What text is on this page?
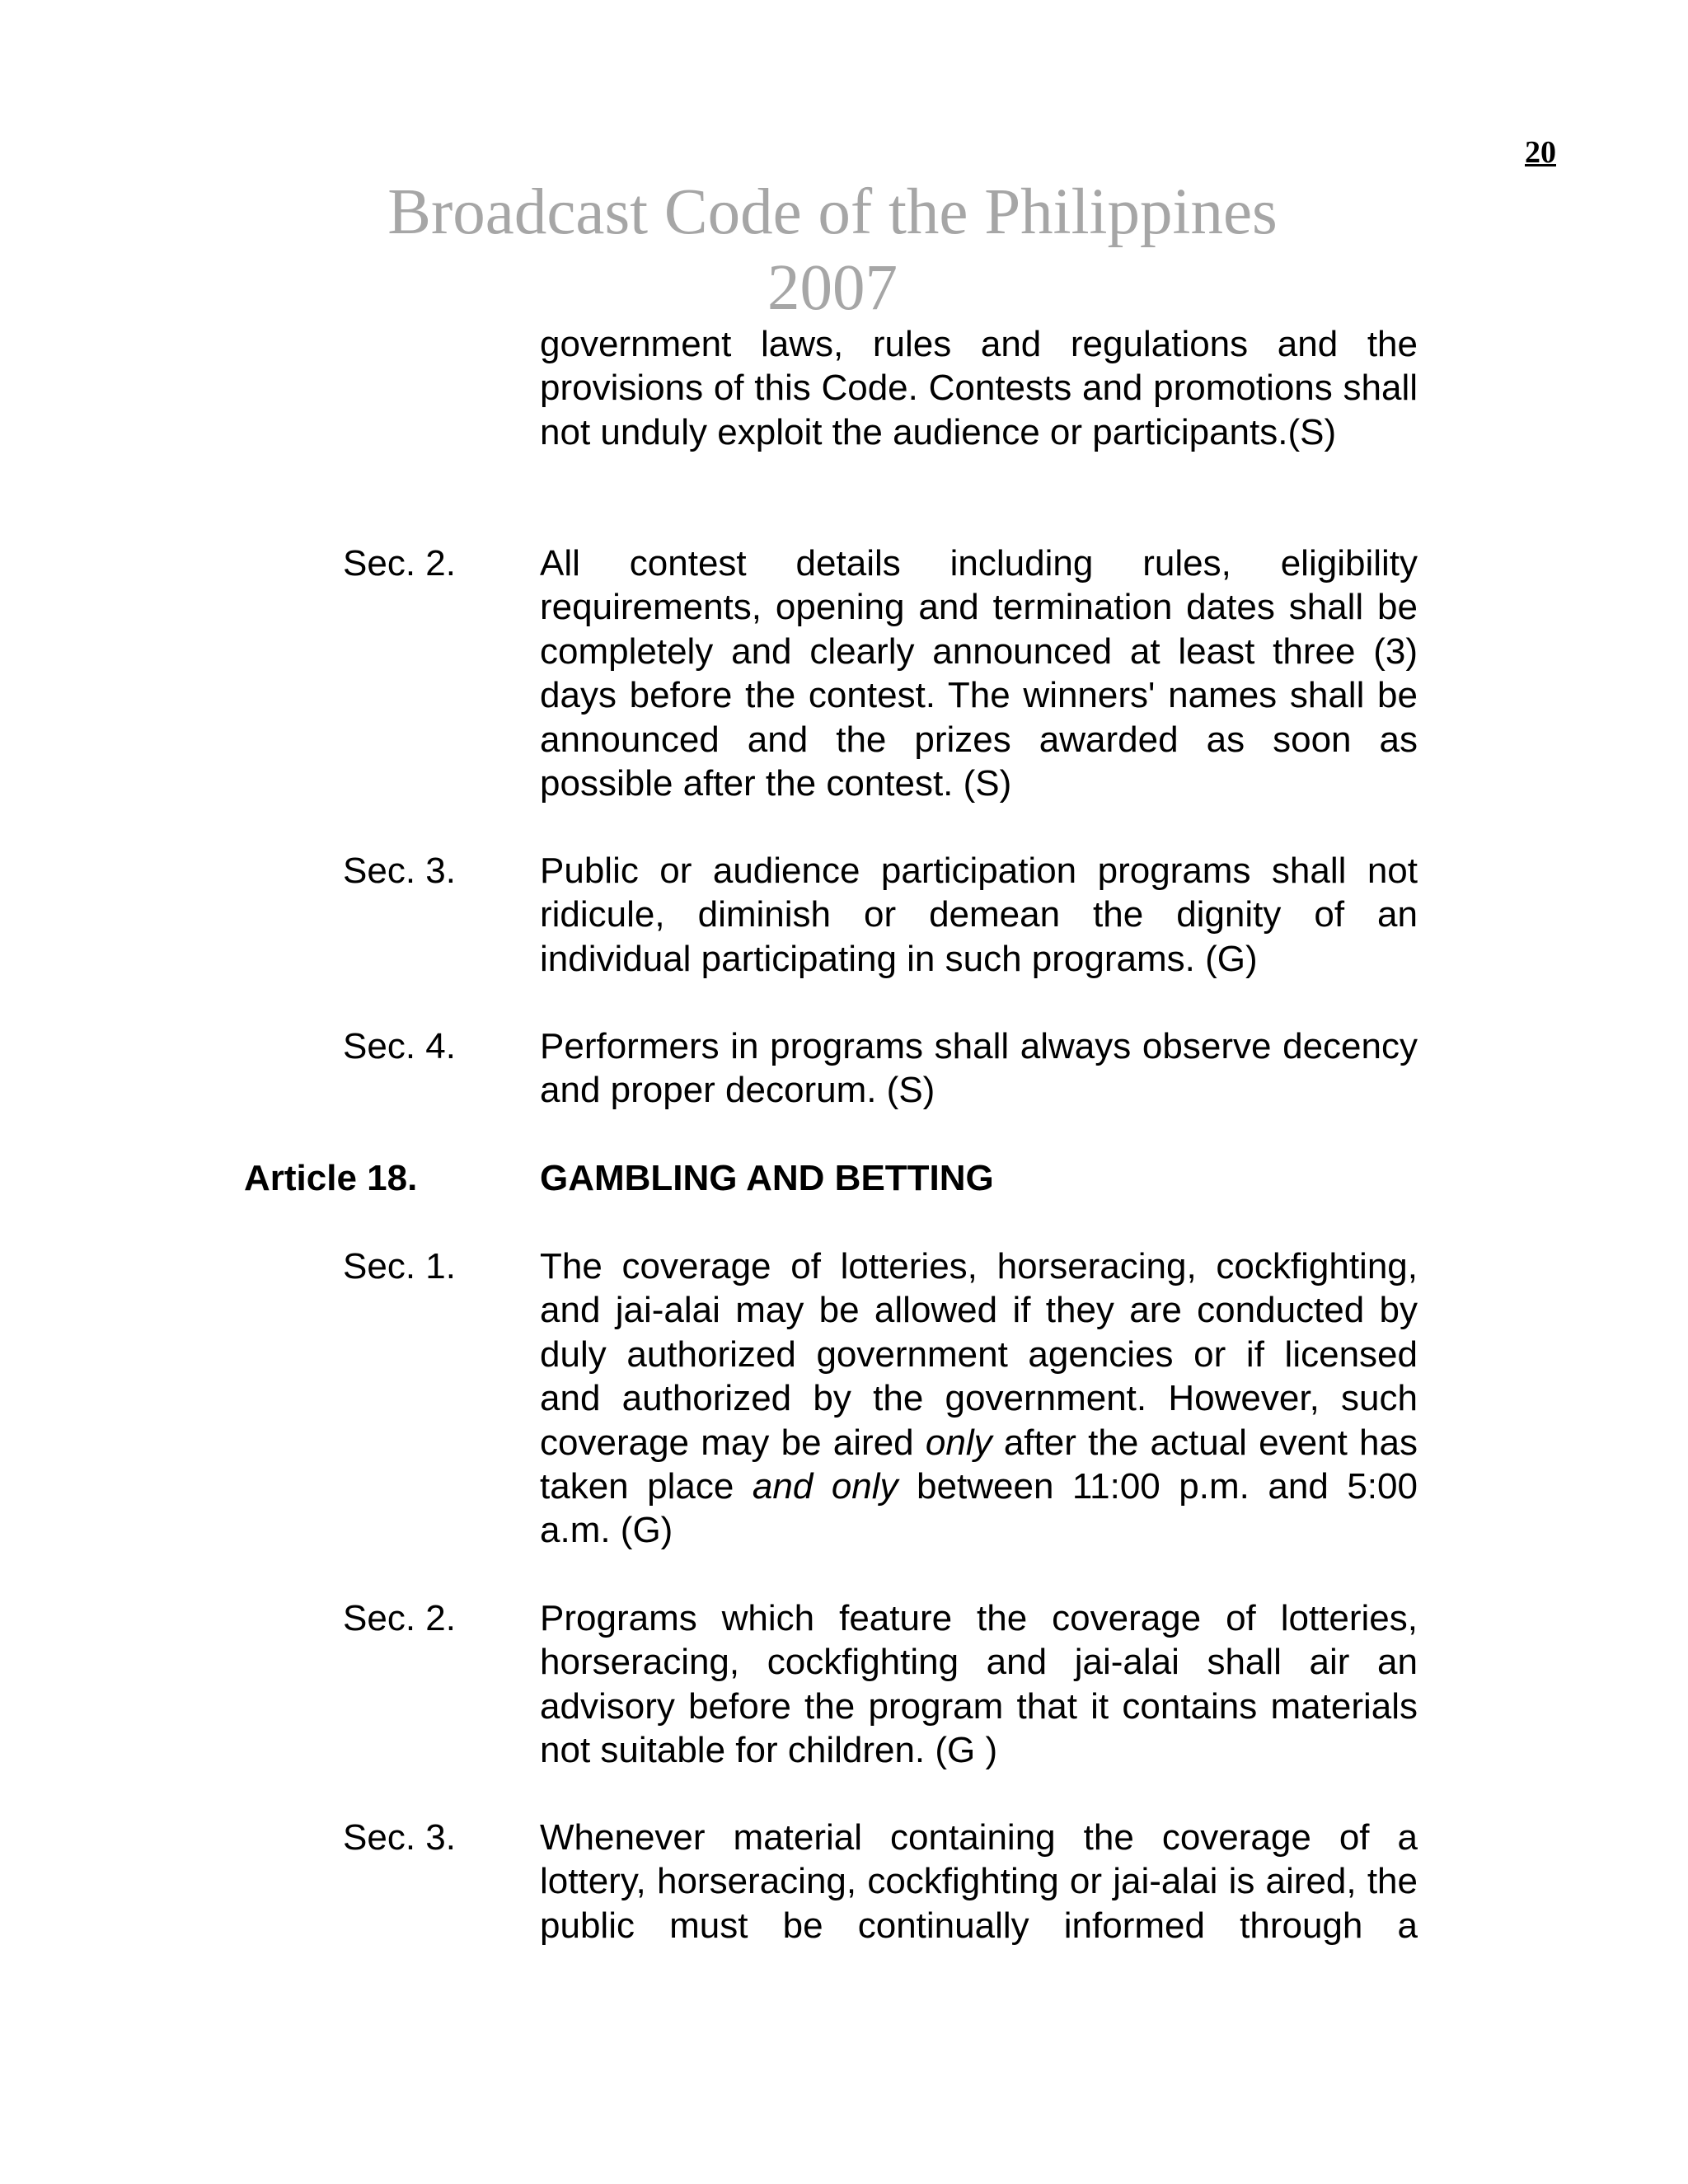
20
Broadcast Code of the Philippines
2007

government laws, rules and regulations and the provisions of this Code. Contests and promotions shall not unduly exploit the audience or participants.(S)

Sec. 2. All contest details including rules, eligibility requirements, opening and termination dates shall be completely and clearly announced at least three (3) days before the contest. The winners' names shall be announced and the prizes awarded as soon as possible after the contest. (S)

Sec. 3. Public or audience participation programs shall not ridicule, diminish or demean the dignity of an individual participating in such programs. (G)

Sec. 4. Performers in programs shall always observe decency and proper decorum. (S)

Article 18.	GAMBLING AND BETTING
Sec. 1. The coverage of lotteries, horseracing, cockfighting, and jai-alai may be allowed if they are conducted by duly authorized government agencies or if licensed and authorized by the government. However, such coverage may be aired only after the actual event has taken place and only between 11:00 p.m. and 5:00 a.m. (G)

Sec. 2. Programs which feature the coverage of lotteries, horseracing, cockfighting and jai-alai shall air an advisory before the program that it contains materials not suitable for children. (G )

Sec. 3. Whenever material containing the coverage of a lottery, horseracing, cockfighting or jai-alai is aired, the public must be continually informed through a
